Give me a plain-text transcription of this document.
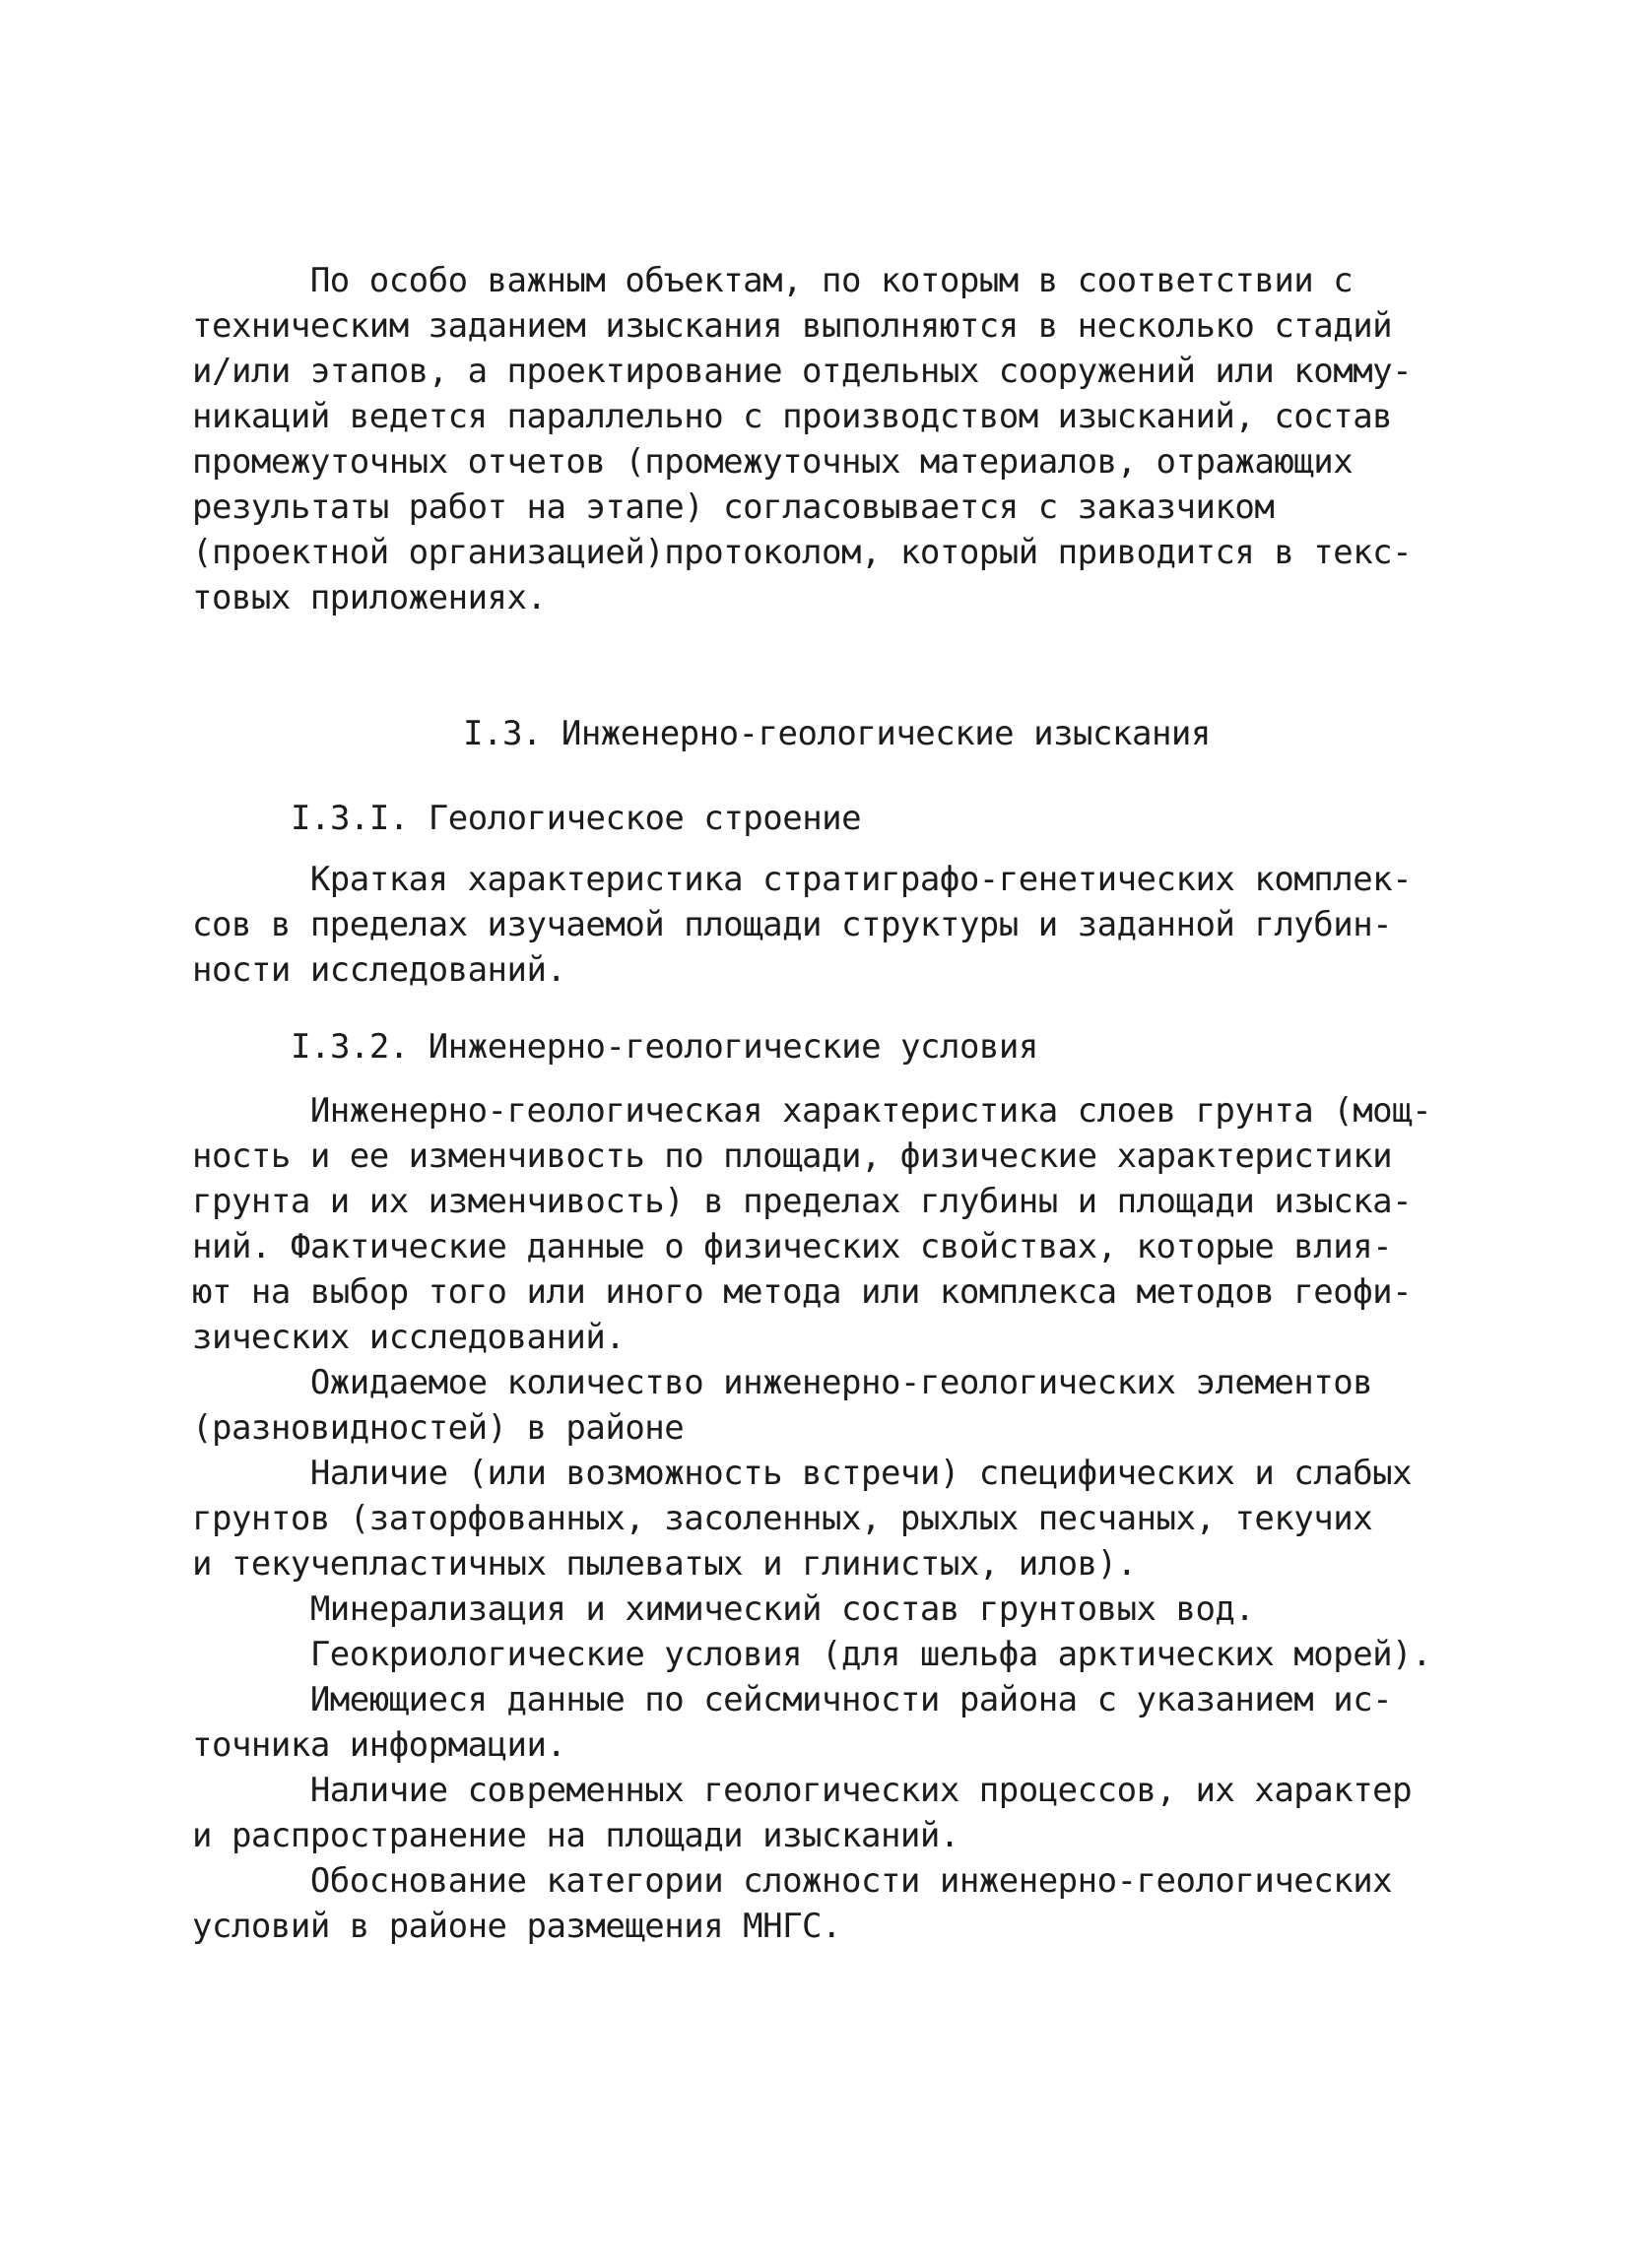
По особо важным объектам, по которым в соответствии с
техническим заданием изыскания выполняются в несколько стадий
и/или этапов, а проектирование отдельных сооружений или комму-
никаций ведется параллельно с производством изысканий, состав
промежуточных отчетов (промежуточных материалов, отражающих
результаты работ на этапе) согласовывается с заказчиком
(проектной организацией)протоколом, который приводится в текс-
товых приложениях.
I.3. Инженерно-геологические изыскания
I.3.I. Геологическое строение
Краткая характеристика стратиграфо-генетических комплек-
сов в пределах изучаемой площади структуры и заданной глубин-
ности исследований.
I.3.2. Инженерно-геологические условия
Инженерно-геологическая характеристика слоев грунта (мощ-
ность и ее изменчивость по площади, физические характеристики
грунта и их изменчивость) в пределах глубины и площади изыска-
ний. Фактические данные о физических свойствах, которые влия-
ют на выбор того или иного метода или комплекса методов геофи-
зических исследований.
Ожидаемое количество инженерно-геологических элементов
(разновидностей) в районе
Наличие (или возможность встречи) специфических и слабых
грунтов (заторфованных, засоленных, рыхлых песчаных, текучих
и текучепластичных пылеватых и глинистых, илов).
Минерализация и химический состав грунтовых вод.
Геокриологические условия (для шельфа арктических морей).
Имеющиеся данные по сейсмичности района с указанием ис-
точника информации.
Наличие современных геологических процессов, их характер
и распространение на площади изысканий.
Обоснование категории сложности инженерно-геологических
условий в районе размещения МНГС.
